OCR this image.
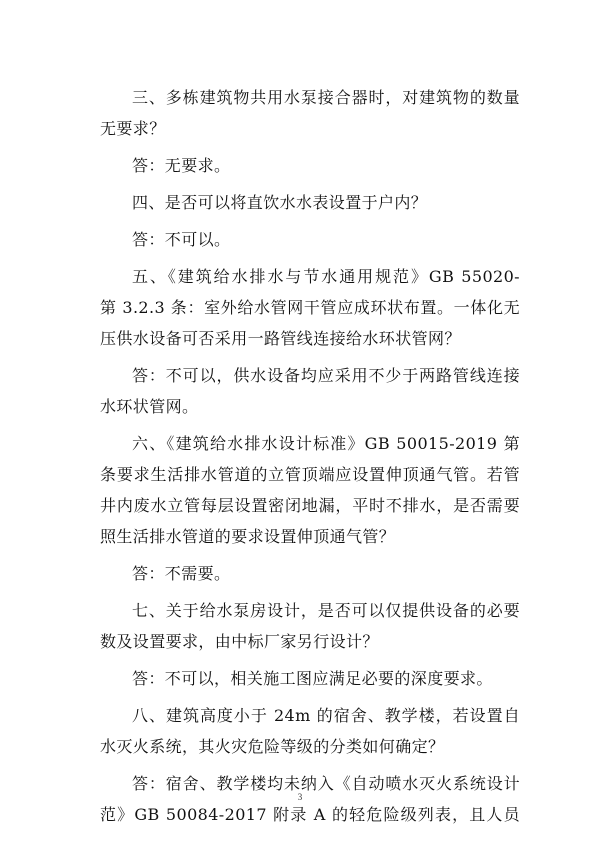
三、多栋建筑物共用水泵接合器时，对建筑物的数量
无要求？
答：无要求。
四、是否可以将直饮水水表设置于户内？
答：不可以。
五、《建筑给水排水与节水通用规范》GB 55020-
第 3.2.3 条：室外给水管网干管应成环状布置。一体化无
压供水设备可否采用一路管线连接给水环状管网？
答：不可以，供水设备均应采用不少于两路管线连接
水环状管网。
六、《建筑给水排水设计标准》GB 50015-2019 第
条要求生活排水管道的立管顶端应设置伸顶通气管。若管
井内废水立管每层设置密闭地漏，平时不排水，是否需要
照生活排水管道的要求设置伸顶通气管？
答：不需要。
七、关于给水泵房设计，是否可以仅提供设备的必要
数及设置要求，由中标厂家另行设计？
答：不可以，相关施工图应满足必要的深度要求。
八、建筑高度小于 24m 的宿舍、教学楼，若设置自
水灭火系统，其火灾危险等级的分类如何确定？
答：宿舍、教学楼均未纳入《自动喷水灭火系统设计
范》GB 50084-2017 附录 A 的轻危险级列表，且人员
3
